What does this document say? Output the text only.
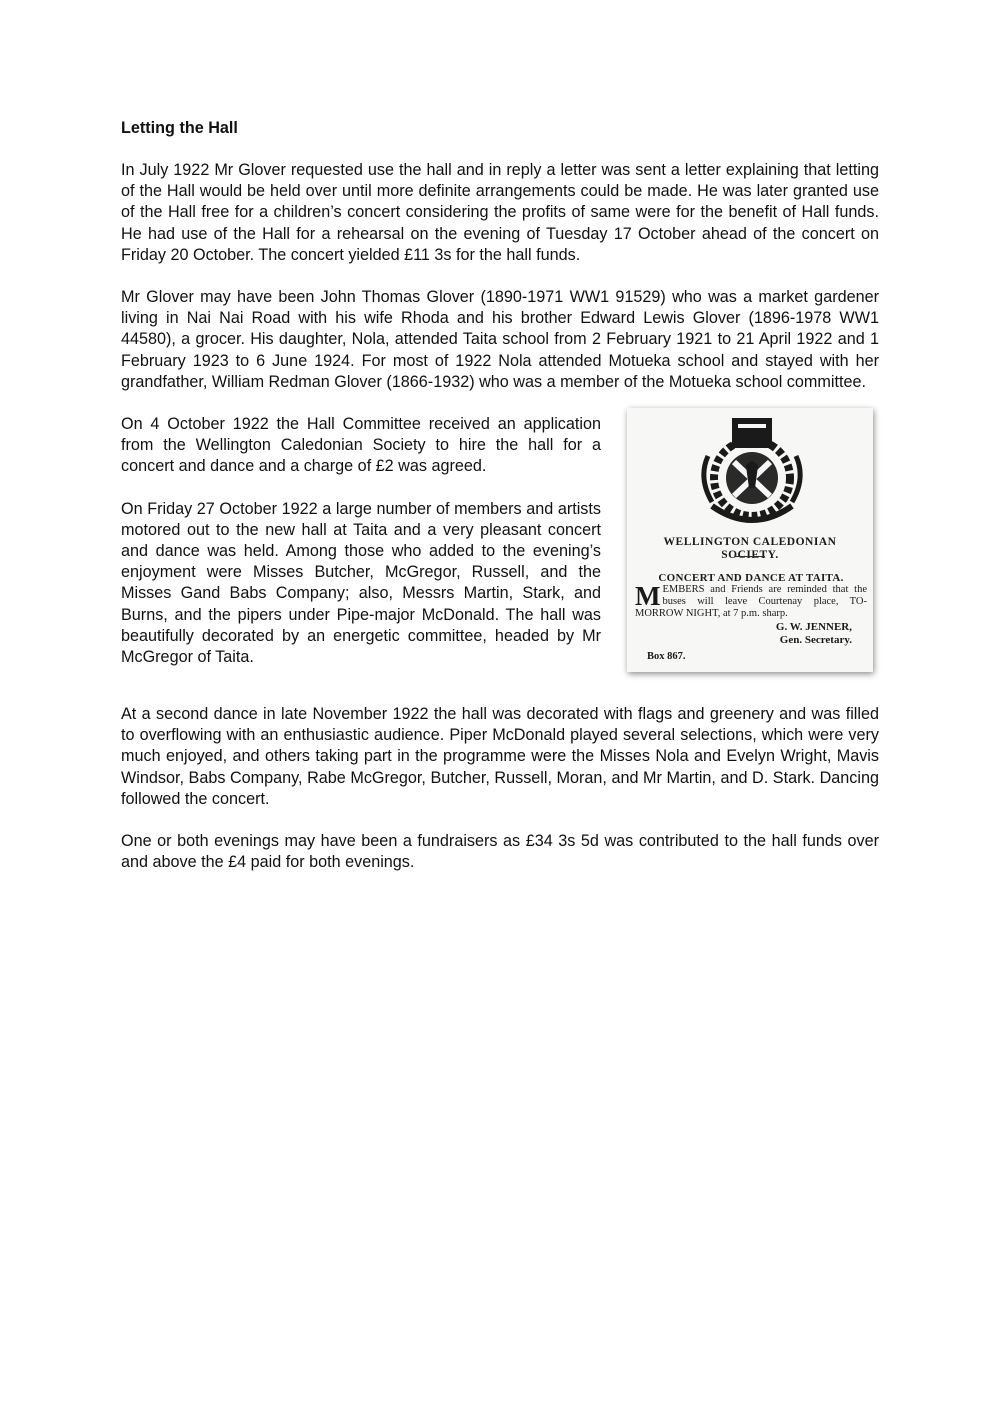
Letting the Hall

In July 1922 Mr Glover requested use the hall and in reply a letter was sent a letter explaining that letting of the Hall would be held over until more definite arrangements could be made. He was later granted use of the Hall free for a children’s concert considering the profits of same were for the benefit of Hall funds. He had use of the Hall for a rehearsal on the evening of Tuesday 17 October ahead of the concert on Friday 20 October. The concert yielded £11 3s for the hall funds.

Mr Glover may have been John Thomas Glover (1890-1971 WW1 91529) who was a market gardener living in Nai Nai Road with his wife Rhoda and his brother Edward Lewis Glover (1896-1978 WW1 44580), a grocer. His daughter, Nola, attended Taita school from 2 February 1921 to 21 April 1922 and 1 February 1923 to 6 June 1924. For most of 1922 Nola attended Motueka school and stayed with her grandfather, William Redman Glover (1866-1932) who was a member of the Motueka school committee.

On 4 October 1922 the Hall Committee received an application from the Wellington Caledonian Society to hire the hall for a concert and dance and a charge of £2 was agreed.

On Friday 27 October 1922 a large number of members and artists motored out to the new hall at Taita and a very pleasant concert and dance was held. Among those who added to the evening’s enjoyment were Misses Butcher, McGregor, Russell, and the Misses Gand Babs Company; also, Messrs Martin, Stark, and Burns, and the pipers under Pipe-major McDonald. The hall was beautifully decorated by an energetic committee, headed by Mr McGregor of Taita.

WELLINGTON CALEDONIAN
SOCIETY.
CONCERT AND DANCE AT TAITA.
MEMBERS and Friends are reminded that the buses will leave Courtenay place, TO-MORROW NIGHT, at 7 p.m. sharp.
G. W. JENNER,
Gen. Secretary.
Box 867.

At a second dance in late November 1922 the hall was decorated with flags and greenery and was filled to overflowing with an enthusiastic audience. Piper McDonald played several selections, which were very much enjoyed, and others taking part in the programme were the Misses Nola and Evelyn Wright, Mavis Windsor, Babs Company, Rabe McGregor, Butcher, Russell, Moran, and Mr Martin, and D. Stark. Dancing followed the concert.

One or both evenings may have been a fundraisers as £34 3s 5d was contributed to the hall funds over and above the £4 paid for both evenings.
